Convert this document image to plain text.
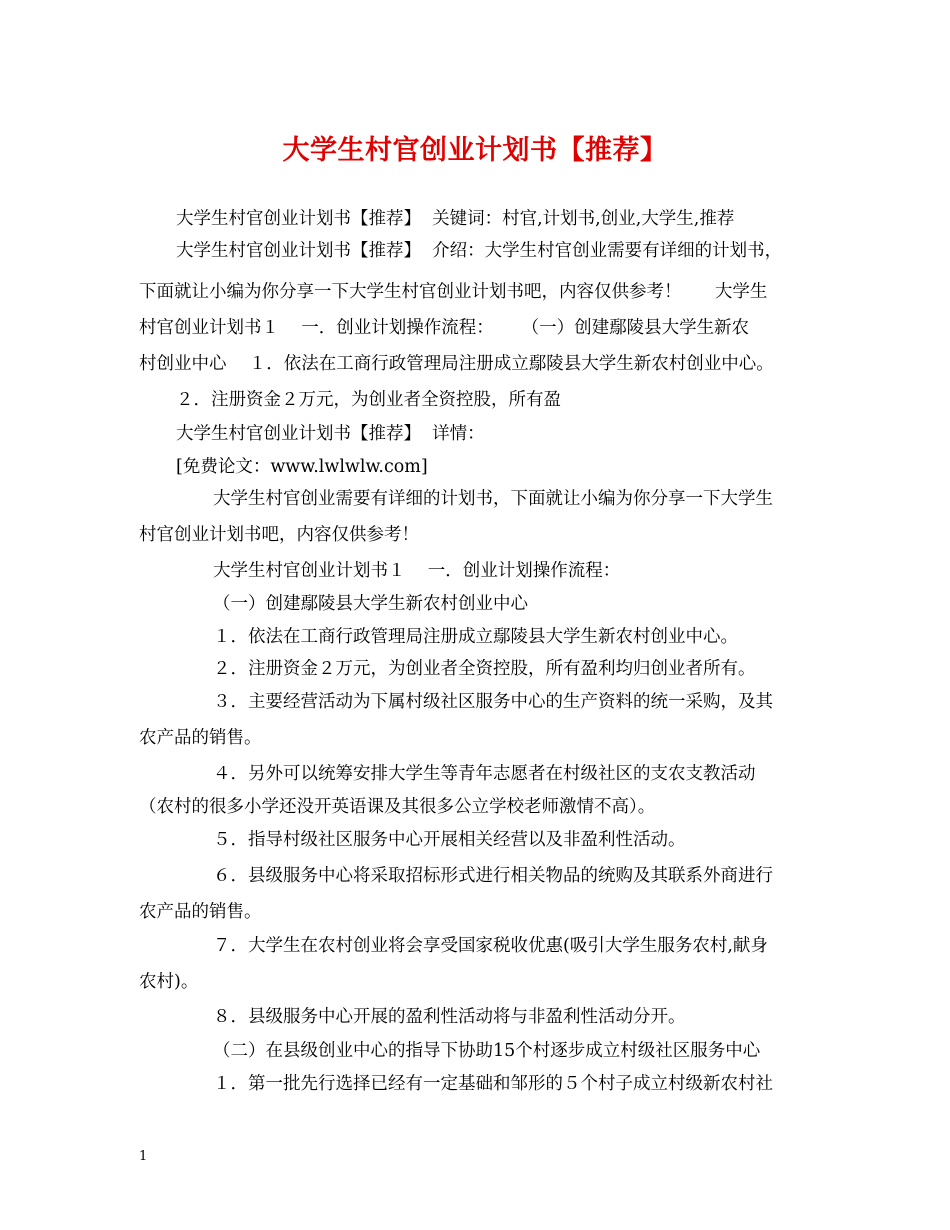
大学生村官创业计划书【推荐】
大学生村官创业计划书【推荐】  关键词：村官,计划书,创业,大学生,推荐
大学生村官创业计划书【推荐】  介绍：大学生村官创业需要有详细的计划书，
下面就让小编为你分享一下大学生村官创业计划书吧，内容仅供参考！      大学生
村官创业计划书１    一．创业计划操作流程：     （一）创建鄢陵县大学生新农
村创业中心    １．依法在工商行政管理局注册成立鄢陵县大学生新农村创业中心。
２．注册资金２万元，为创业者全资控股，所有盈
大学生村官创业计划书【推荐】  详情：
[免费论文：www.lwlwlw.com]
大学生村官创业需要有详细的计划书，下面就让小编为你分享一下大学生
村官创业计划书吧，内容仅供参考！
大学生村官创业计划书１    一．创业计划操作流程：
（一）创建鄢陵县大学生新农村创业中心
１．依法在工商行政管理局注册成立鄢陵县大学生新农村创业中心。
２．注册资金２万元，为创业者全资控股，所有盈利均归创业者所有。
３．主要经营活动为下属村级社区服务中心的生产资料的统一采购，及其
农产品的销售。
４．另外可以统筹安排大学生等青年志愿者在村级社区的支农支教活动
（农村的很多小学还没开英语课及其很多公立学校老师激情不高）。
５．指导村级社区服务中心开展相关经营以及非盈利性活动。
６．县级服务中心将采取招标形式进行相关物品的统购及其联系外商进行
农产品的销售。
７．大学生在农村创业将会享受国家税收优惠(吸引大学生服务农村,献身
农村)。
８．县级服务中心开展的盈利性活动将与非盈利性活动分开。
（二）在县级创业中心的指导下协助15个村逐步成立村级社区服务中心
１．第一批先行选择已经有一定基础和邹形的５个村子成立村级新农村社
1
